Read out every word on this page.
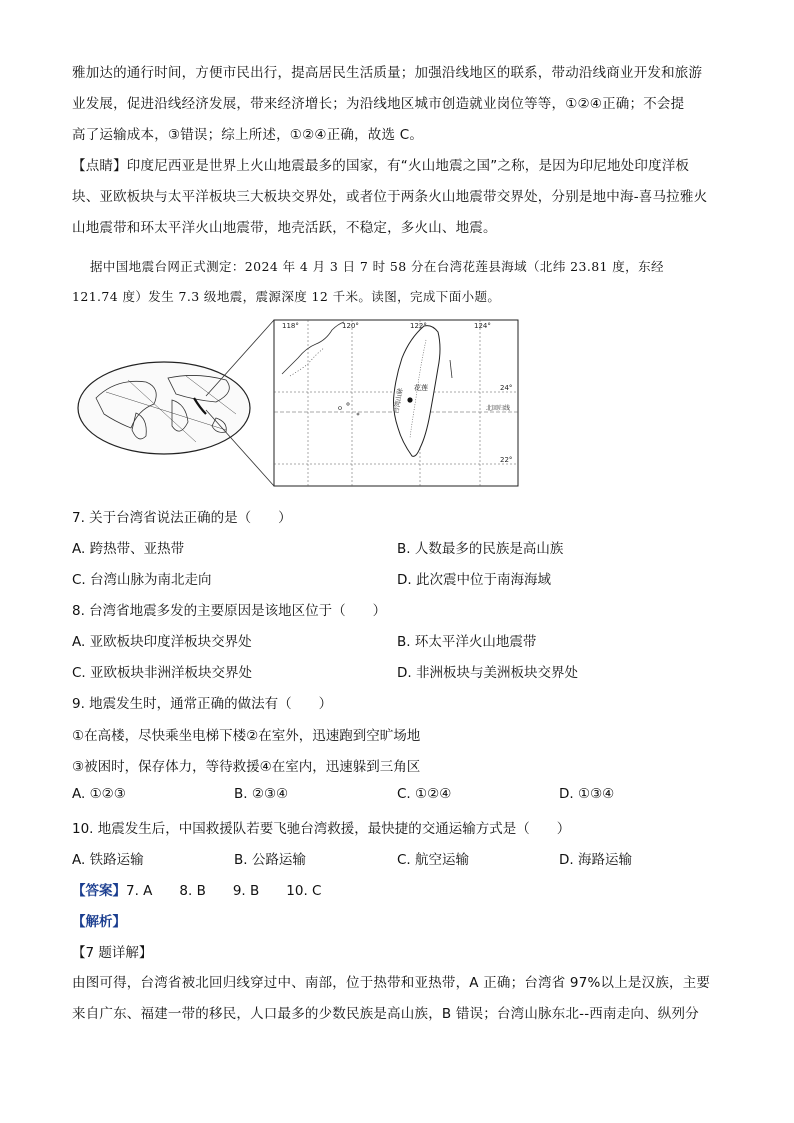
雅加达的通行时间，方便市民出行，提高居民生活质量；加强沿线地区的联系，带动沿线商业开发和旅游
业发展，促进沿线经济发展，带来经济增长；为沿线地区城市创造就业岗位等等，①②④正确；不会提
高了运输成本，③错误；综上所述，①②④正确，故选 C。
【点睛】印度尼西亚是世界上火山地震最多的国家，有“火山地震之国”之称，是因为印尼地处印度洋板
块、亚欧板块与太平洋板块三大板块交界处，或者位于两条火山地震带交界处，分别是地中海-喜马拉雅火
山地震带和环太平洋火山地震带，地壳活跃，不稳定，多火山、地震。
据中国地震台网正式测定：2024 年 4 月 3 日 7 时 58 分在台湾花莲县海域（北纬 23.81 度，东经
121.74 度）发生 7.3 级地震，震源深度 12 千米。读图，完成下面小题。
118°	120°	122°	124°
24°
22°
北回归线
花莲
台湾山脉
7. 关于台湾省说法正确的是（　　）
A. 跨热带、亚热带	B. 人数最多的民族是高山族
C. 台湾山脉为南北走向	D. 此次震中位于南海海域
8. 台湾省地震多发的主要原因是该地区位于（　　）
A. 亚欧板块印度洋板块交界处	B. 环太平洋火山地震带
C. 亚欧板块非洲洋板块交界处	D. 非洲板块与美洲板块交界处
9. 地震发生时，通常正确的做法有（　　）
①在高楼，尽快乘坐电梯下楼②在室外，迅速跑到空旷场地
③被困时，保存体力，等待救援④在室内，迅速躲到三角区
A. ①②③	B. ②③④	C. ①②④	D. ①③④
10. 地震发生后，中国救援队若要飞驰台湾救援，最快捷的交通运输方式是（　　）
A. 铁路运输	B. 公路运输	C. 航空运输	D. 海路运输
【答案】7. A　　8. B　　9. B　　10. C
【解析】
【7 题详解】
由图可得，台湾省被北回归线穿过中、南部，位于热带和亚热带，A 正确；台湾省 97%以上是汉族，主要
来自广东、福建一带的移民，人口最多的少数民族是高山族，B 错误；台湾山脉东北--西南走向、纵列分
